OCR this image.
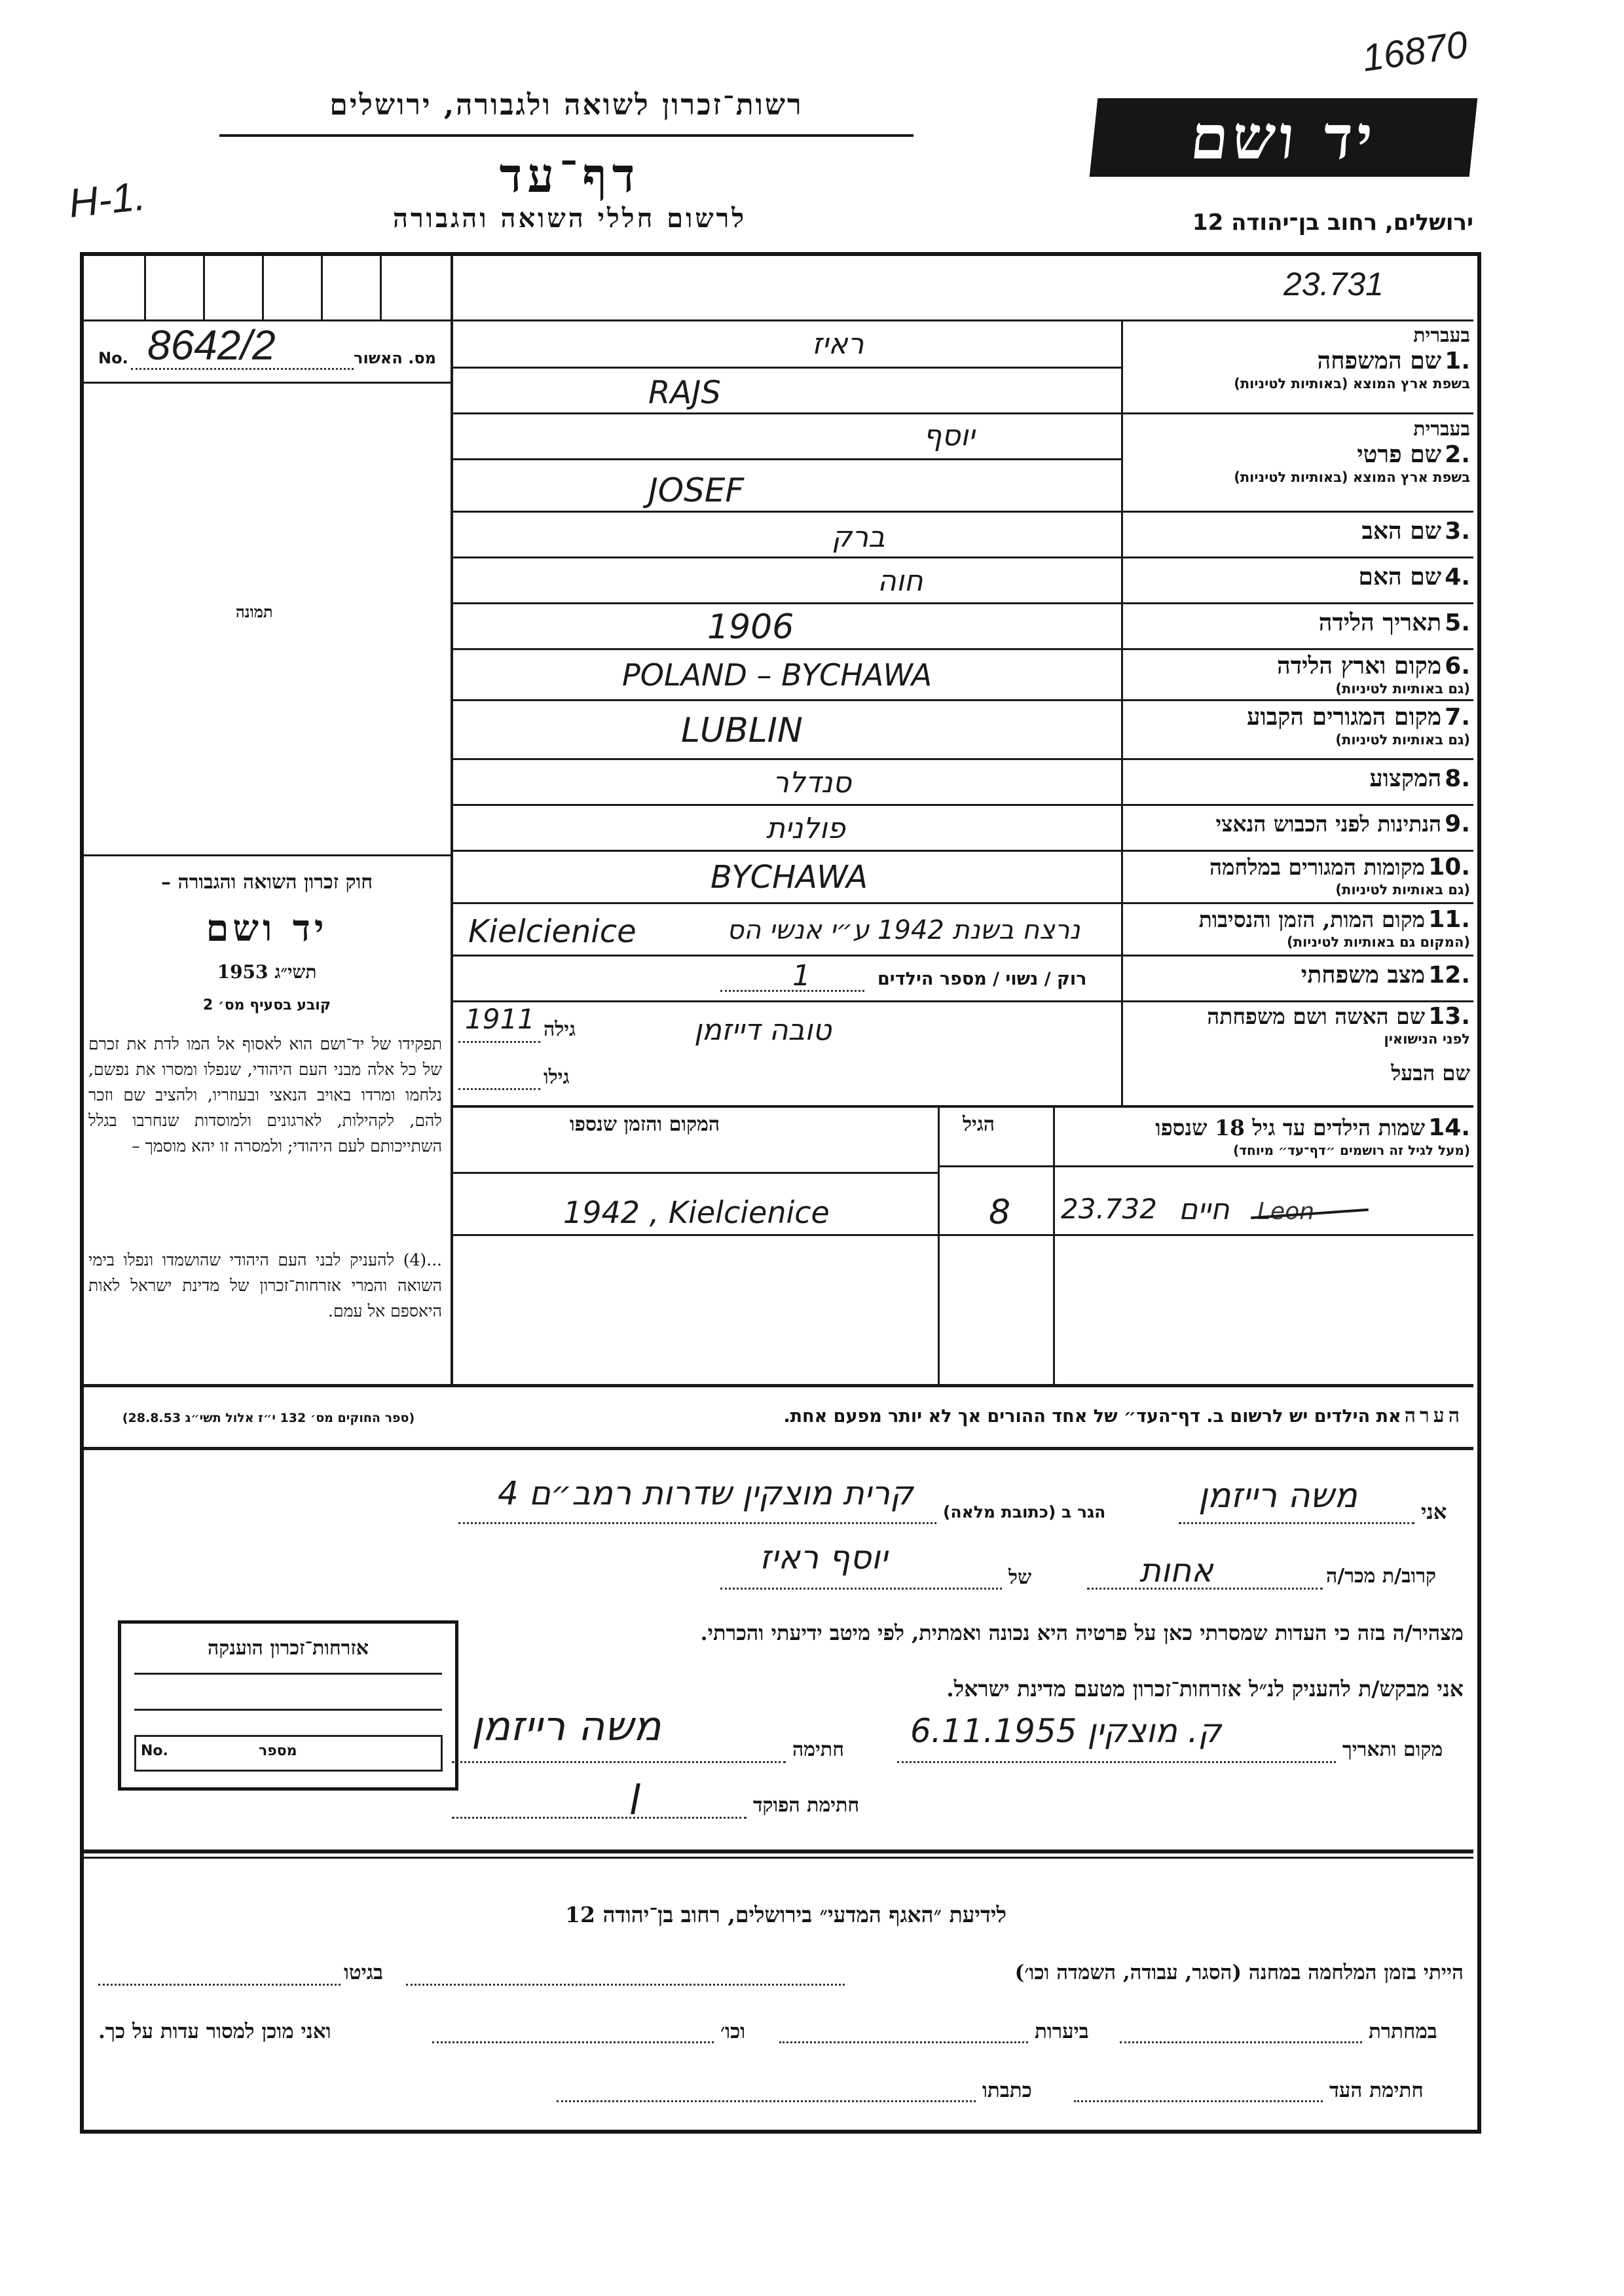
16870
H-1.
רשות־זכרון לשואה ולגבורה, ירושלים
דף־עד
לרשום חללי השואה והגבורה
יד ושם
ירושלים, רחוב בן־יהודה 12
23.731
מס. האשור
No. 8642/2
תמונה
חוק זכרון השואה והגבורה –
יד ושם
תשי״ג 1953
קובע בסעיף מס׳ 2
תפקידו של יד־ושם הוא לאסוף אל המו לדת את זכרם של כל אלה מבני העם היהודי, שנפלו ומסרו את נפשם, נלחמו ומרדו באויב הנאצי ובעוזריו, ולהציב שם וזכר להם, לקהילות, לארגונים ולמוסדות שנחרבו בגלל השתייכותם לעם היהודי; ולמסרה זו יהא מוסמך –
...(4) להעניק לבני העם היהודי שהושמדו ונפלו בימי השואה והמרי אזרחות־זכרון של מדינת ישראל לאות היאספם אל עמם.
(ספר החוקים מס׳ 132 י״ז אלול תשי״ג 28.8.53)
בעברית
.1 שם המשפחה
בשפת ארץ המוצא (באותיות לטיניות)
בעברית
.2 שם פרטי
בשפת ארץ המוצא (באותיות לטיניות)
.3 שם האב
.4 שם האם
.5 תאריך הלידה
.6 מקום וארץ הלידה
(גם באותיות לטיניות)
.7 מקום המגורים הקבוע
(גם באותיות לטיניות)
.8 המקצוע
.9 הנתינות לפני הכבוש הנאצי
.10 מקומות המגורים במלחמה
(גם באותיות לטיניות)
.11 מקום המות, הזמן והנסיבות
(המקום גם באותיות לטיניות)
.12 מצב משפחתי
.13 שם האשה ושם משפחתה
לפני הנישואין
שם הבעל
ראיז
RAJS
יוסף
JOSEF
ברק
חוה
1906
POLAND – BYCHAWA
LUBLIN
סנדלר
פולנית
BYCHAWA
Kielcienice	נרצח בשנת 1942 ע״י אנשי הס
רוק / נשוי / מספר הילדים
1
טובה דייזמן
גילה
1911
גילו
.14 שמות הילדים עד גיל 18 שנספו
(מעל לגיל זה רושמים ״דף־עד״ מיוחד)
הגיל
המקום והזמן שנספו
23.732 חיים Leon
8
1942 , Kielcienice
הערה את הילדים יש לרשום ב. דף־העד״ של אחד ההורים אך לא יותר מפעם אחת.
אני
משה רייזמן
הגר ב (כתובת מלאה)
קרית מוצקין שדרות רמב״ם 4
קרוב/ת מכר/ה
אחות
של
יוסף ראיז
מצהיר/ה בזה כי העדות שמסרתי כאן על פרטיה היא נכונה ואמתית, לפי מיטב ידיעתי והכרתי.
אני מבקש/ת להעניק לנ״ל אזרחות־זכרון מטעם מדינת ישראל.
מקום ותאריך
ק. מוצקין 6.11.1955
חתימה
משה רייזמן
חתימת הפוקד
ן
אזרחות־זכרון הוענקה
מספר
No.
לידיעת ״האגף המדעי״ בירושלים, רחוב בן־יהודה 12
הייתי בזמן המלחמה במחנה (הסגר, עבודה, השמדה וכו׳)
בגיטו
במחתרת
ביערות
וכו׳
ואני מוכן למסור עדות על כך.
חתימת העד
כתבתו
